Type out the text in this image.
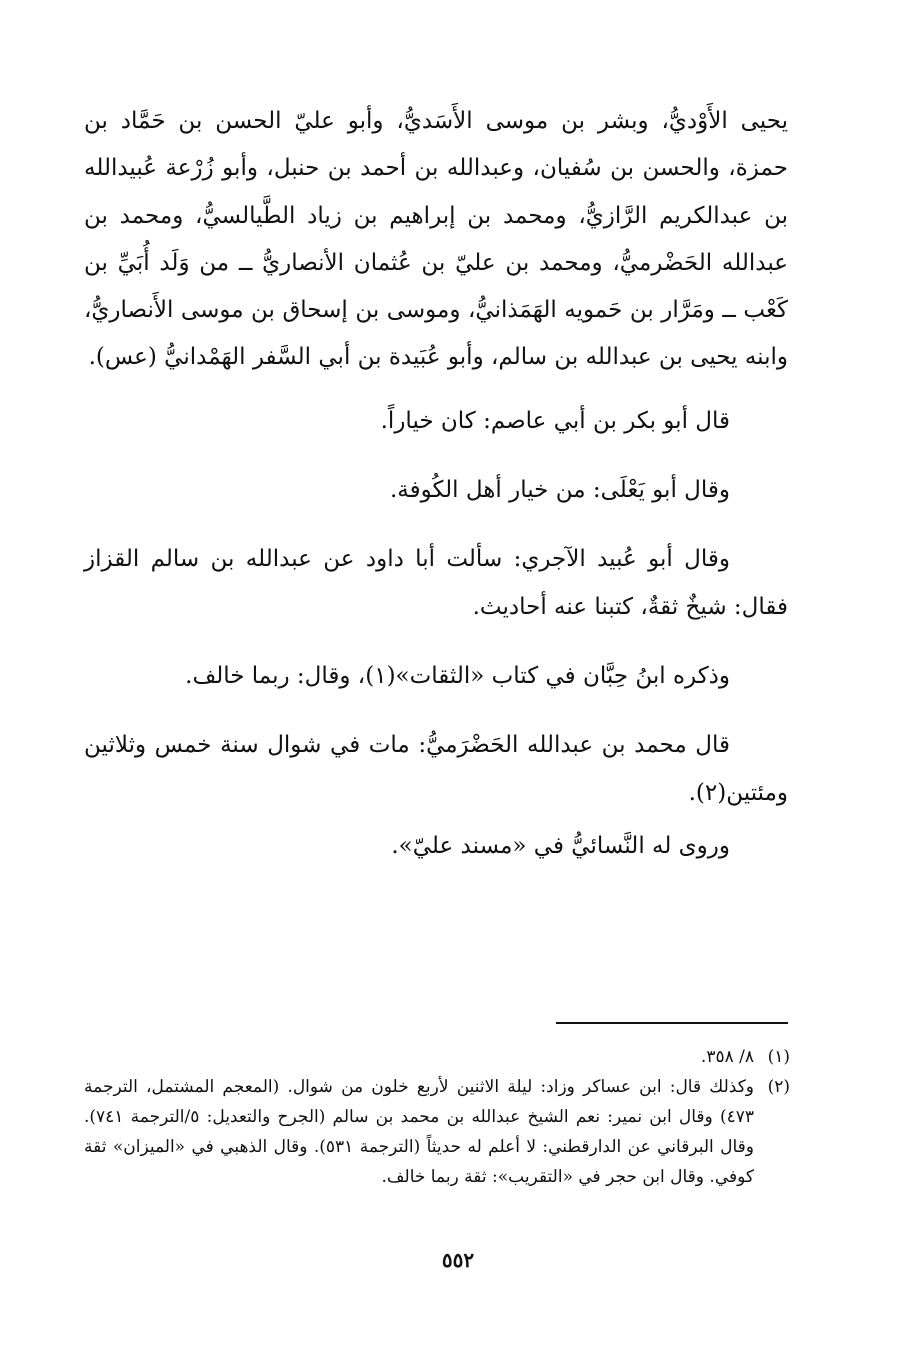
يحيى الأَوْديُّ، وبشر بن موسى الأَسَديُّ، وأبو عليّ الحسن بن حَمَّاد بن حمزة، والحسن بن سُفيان، وعبدالله بن أحمد بن حنبل، وأبو زُرْعة عُبيدالله بن عبدالكريم الرَّازيُّ، ومحمد بن إبراهيم بن زياد الطَّيالسيُّ، ومحمد بن عبدالله الحَضْرميُّ، ومحمد بن عليّ بن عُثمان الأنصاريُّ ــ من وَلَد أُبَيِّ بن كَعْب ــ ومَرَّار بن حَمويه الهَمَذانيُّ، وموسى بن إسحاق بن موسى الأَنصاريُّ، وابنه يحيى بن عبدالله بن سالم، وأبو عُبَيدة بن أبي السَّفر الهَمْدانيُّ (عس).

قال أبو بكر بن أبي عاصم: كان خياراً.

وقال أبو يَعْلَى: من خيار أهل الكُوفة.

وقال أبو عُبيد الآجري: سألت أبا داود عن عبدالله بن سالم القزاز فقال: شيخٌ ثقةٌ، كتبنا عنه أحاديث.

وذكره ابنُ حِبَّان في كتاب «الثقات»(١)، وقال: ربما خالف.

قال محمد بن عبدالله الحَضْرَميُّ: مات في شوال سنة خمس وثلاثين ومئتين(٢).

وروى له النَّسائيُّ في «مسند عليّ».

(١)
٨/ ٣٥٨.

(٢)
وكذلك قال: ابن عساكر وزاد: ليلة الاثنين لأربع خلون من شوال. (المعجم المشتمل، الترجمة ٤٧٣) وقال ابن نمير: نعم الشيخ عبدالله بن محمد بن سالم (الجرح والتعديل: ٥/الترجمة ٧٤١). وقال البرقاني عن الدارقطني: لا أعلم له حديثاً (الترجمة ٥٣١). وقال الذهبي في «الميزان» ثقة كوفي. وقال ابن حجر في «التقريب»: ثقة ربما خالف.

٥٥٢
